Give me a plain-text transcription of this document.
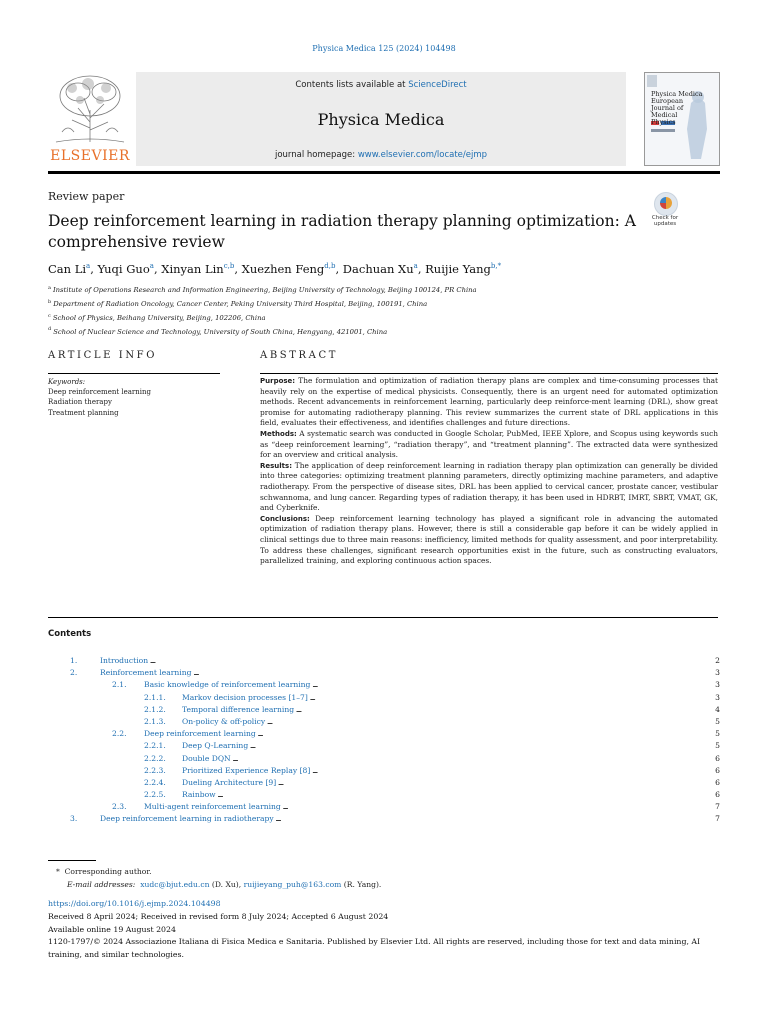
Physica Medica 125 (2024) 104498
ELSEVIER
Contents lists available at ScienceDirect
Physica Medica
journal homepage: www.elsevier.com/locate/ejmp
Physica Medica
European Journal of Medical Physics
Review paper
Deep reinforcement learning in radiation therapy planning optimization: A comprehensive review
Check for updates
Can Li$^a$, Yuqi Guo$^a$, Xinyan Lin$^{c,b}$, Xuezhen Feng$^{d,b}$, Dachuan Xu$^a$, Ruijie Yang$^{b,*}$
$^a$ Institute of Operations Research and Information Engineering, Beijing University of Technology, Beijing 100124, PR China
$^b$ Department of Radiation Oncology, Cancer Center, Peking University Third Hospital, Beijing, 100191, China
$^c$ School of Physics, Beihang University, Beijing, 102206, China
$^d$ School of Nuclear Science and Technology, University of South China, Hengyang, 421001, China
ARTICLE INFO	ABSTRACT
Keywords:
Deep reinforcement learning
Radiation therapy
Treatment planning

Purpose: The formulation and optimization of radiation therapy plans are complex and time-consuming processes that heavily rely on the expertise of medical physicists. Consequently, there is an urgent need for automated optimization methods. Recent advancements in reinforcement learning, particularly deep reinforce-ment learning (DRL), show great promise for automating radiotherapy planning. This review summarizes the current state of DRL applications in this field, evaluates their effectiveness, and identifies challenges and future directions.

Methods: A systematic search was conducted in Google Scholar, PubMed, IEEE Xplore, and Scopus using keywords such as “deep reinforcement learning”, “radiation therapy”, and “treatment planning”. The extracted data were synthesized for an overview and critical analysis.

Results: The application of deep reinforcement learning in radiation therapy plan optimization can generally be divided into three categories: optimizing treatment planning parameters, directly optimizing machine parameters, and adaptive radiotherapy. From the perspective of disease sites, DRL has been applied to cervical cancer, prostate cancer, vestibular schwannoma, and lung cancer. Regarding types of radiation therapy, it has been used in HDRBT, IMRT, SBRT, VMAT, GK, and Cyberknife.

Conclusions: Deep reinforcement learning technology has played a significant role in advancing the automated optimization of radiation therapy plans. However, there is still a considerable gap before it can be widely applied in clinical settings due to three main reasons: inefficiency, limited methods for quality assessment, and poor interpretability. To address these challenges, significant research opportunities exist in the future, such as constructing evaluators, parallelized training, and exploring continuous action spaces.

Contents
1.	Introduction . . .	2
2.	Reinforcement learning . . .	3
2.1.	Basic knowledge of reinforcement learning . . .	3
2.1.1.	Markov decision processes [1–7] . . .	3
2.1.2.	Temporal difference learning . . .	4
2.1.3.	On-policy & off-policy . . .	5
2.2.	Deep reinforcement learning . . .	5
2.2.1.	Deep Q-Learning . . .	5
2.2.2.	Double DQN . . .	6
2.2.3.	Prioritized Experience Replay [8] . . .	6
2.2.4.	Dueling Architecture [9] . . .	6
2.2.5.	Rainbow . . .	6
2.3.	Multi-agent reinforcement learning . . .	7
3.	Deep reinforcement learning in radiotherapy . . .	7
*  Corresponding author.
E-mail addresses: xudc@bjut.edu.cn (D. Xu), ruijieyang_puh@163.com (R. Yang).
https://doi.org/10.1016/j.ejmp.2024.104498
Received 8 April 2024; Received in revised form 8 July 2024; Accepted 6 August 2024
Available online 19 August 2024
1120-1797/© 2024 Associazione Italiana di Fisica Medica e Sanitaria. Published by Elsevier Ltd. All rights are reserved, including those for text and data mining, AI training, and similar technologies.
